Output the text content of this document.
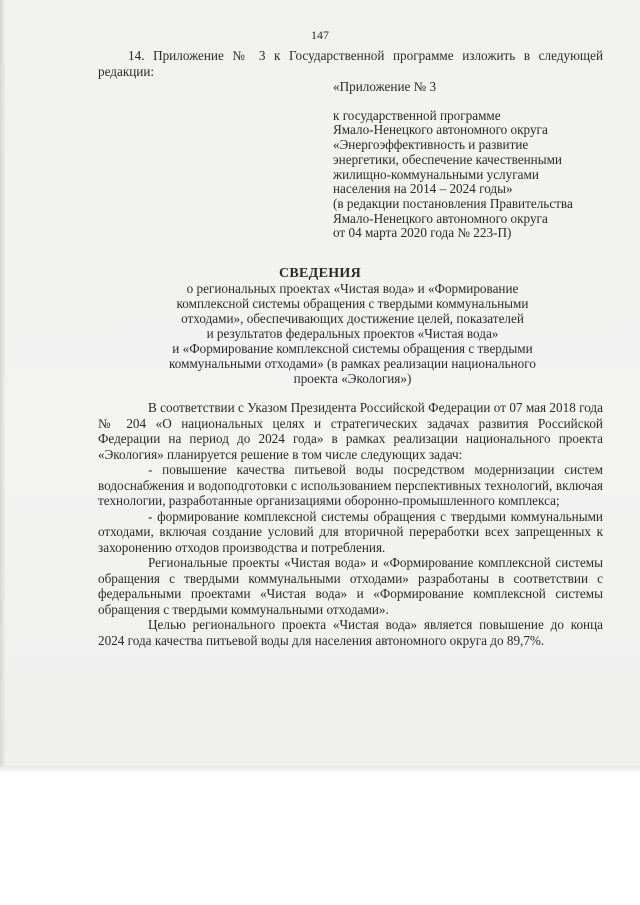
147
14. Приложение № 3 к Государственной программе изложить в следующей редакции:
«Приложение № 3
к государственной программе
Ямало-Ненецкого автономного округа
«Энергоэффективность и развитие
энергетики, обеспечение качественными
жилищно-коммунальными услугами
населения на 2014 – 2024 годы»
(в редакции постановления Правительства
Ямало-Ненецкого автономного округа
от 04 марта 2020 года № 223-П)
СВЕДЕНИЯ
о региональных проектах «Чистая вода» и «Формирование
комплексной системы обращения с твердыми коммунальными
отходами», обеспечивающих достижение целей, показателей
и результатов федеральных проектов «Чистая вода»
и «Формирование комплексной системы обращения с твердыми
коммунальными отходами» (в рамках реализации национального
проекта «Экология»)

В соответствии с Указом Президента Российской Федерации от 07 мая 2018 года № 204 «О национальных целях и стратегических задачах развития Российской Федерации на период до 2024 года» в рамках реализации национального проекта «Экология» планируется решение в том числе следующих задач:

- повышение качества питьевой воды посредством модернизации систем водоснабжения и водоподготовки с использованием перспективных технологий, включая технологии, разработанные организациями оборонно-промышленного комплекса;

- формирование комплексной системы обращения с твердыми коммунальными отходами, включая создание условий для вторичной переработки всех запрещенных к захоронению отходов производства и потребления.

Региональные проекты «Чистая вода» и «Формирование комплексной системы обращения с твердыми коммунальными отходами» разработаны в соответствии с федеральными проектами «Чистая вода» и «Формирование комплексной системы обращения с твердыми коммунальными отходами».

Целью регионального проекта «Чистая вода» является повышение до конца 2024 года качества питьевой воды для населения автономного округа до 89,7%.
